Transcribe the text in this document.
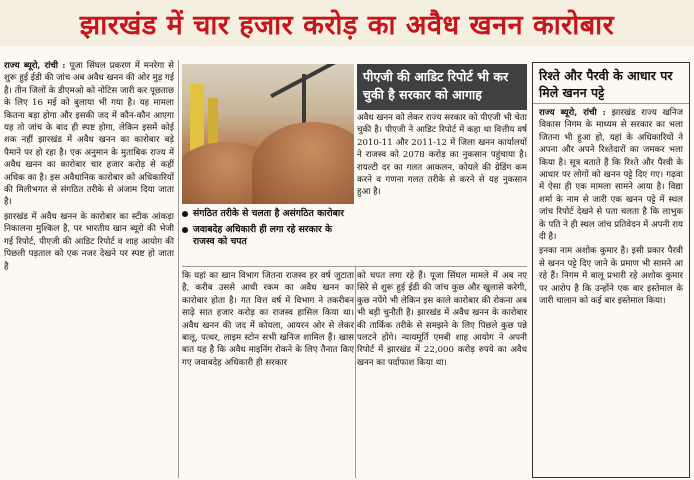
झारखंड में चार हजार करोड़ का अवैध खनन कारोबार

राज्य ब्यूरो, रांची : पूजा सिंघल प्रकरण में मनरेगा से शुरू हुई ईडी की जांच अब अवैध खनन की ओर मुड़ गई है। तीन जिलों के डीएमओ को नोटिस जारी कर पूछताछ के लिए 16 मई को बुलाया भी गया है। यह मामला कितना बड़ा होगा और इसकी जद में कौन-कौन आएगा यह तो जांच के बाद ही स्पष्ट होगा, लेकिन इसमें कोई शक नहीं झारखंड में अवैध खनन का कारोबार बड़े पैमाने पर हो रहा है। एक अनुमान के मुताबिक राज्य में अवैध खनन का कारोबार चार हजार करोड़ से कहीं अधिक का है। इस अवैधानिक कारोबार को अधिकारियों की मिलीभगत से संगठित तरीके से अंजाम दिया जाता है।

झारखंड में अवैध खनन के कारोबार का स्टीक आंकड़ा निकालना मुश्किल है, पर भारतीय खान ब्यूरो की भेजी गई रिपोर्ट, पीएजी की आडिट रिपोर्ट व शाह आयोग की पिछली पड़ताल को एक नजर देखने पर स्पष्ट हो जाता है

संगठित तरीके से चलता है असंगठित कारोबार
जवाबदेह अधिकारी ही लगा रहे सरकार के राजस्व को चपत
पीएजी की आडिट रिपोर्ट भी कर चुकी है सरकार को आगाह

अवैध खनन को लेकर राज्य सरकार को पीएजी भी चेता चुकी है। पीएजी ने आडिट रिपोर्ट में कहा था वित्तीय वर्ष 2010-11 और 2011-12 में जिला खनन कार्यालयों ने राजस्व को 2078 करोड़ का नुकसान पहुंचाया है। रायल्टी दर का गलत आकलन, कोयले की ग्रेडिंग कम करने व गणना गलत तरीके से करने से यह नुकसान हुआ है।

कि यहां का खान विभाग जितना राजस्व हर वर्ष जुटाता है, करीब उससे आधी रकम का अवैध खनन का कारोबार होता है। गत वित्त वर्ष में विभाग ने तकरीबन साढ़े सात हजार करोड़ का राजस्व हासिल किया था। अवैध खनन की जद में कोयला, आयरन ओर से लेकर बालू, पत्थर, लाइम स्टोन सभी खनिज शामिल हैं। खास बात यह है कि अवैध माइनिंग रोकने के लिए तैनात किए गए जवाबदेह अधिकारी ही सरकार

को चपत लगा रहे हैं। पूजा सिंघल मामले में अब नए सिरे से शुरू हुई ईडी की जांच कुछ और खुलासे करेगी, कुछ नपेंगे भी लेकिन इस काले कारोबार की रोकना अब भी बड़ी चुनौती है। झारखंड में अवैध खनन के कारोबार की तार्किक तरीके से समझने के लिए पिछले कुछ पन्ने पलटने होंगे। न्यायमूर्ति एमबी शाह आयोग ने अपनी रिपोर्ट में झारखंड में 22,000 करोड़ रुपये का अवैध खनन का पर्दाफाश किया था।

रिश्ते और पैरवी के आधार पर मिले खनन पट्टे

राज्य ब्यूरो, रांची : झारखंड राज्य खनिज विकास निगम के माध्यम से सरकार का भला जितना भी हुआ हो, यहां के अधिकारियों ने अपना और अपने रिश्तेदारों का जमकर भला किया है। सूत्र बताते हैं कि रिश्ते और पैरवी के आधार पर लोगों को खनन पट्टे दिए गए। गढ़वा में ऐसा ही एक मामला सामने आया है। विद्या शर्मा के नाम से जारी एक खनन पट्टे में स्थल जांच रिपोर्ट देखने से पता चलता है कि लाभुक के पति ने ही स्थल जांच प्रतिवेदन में अपनी राय दी है।

इनका नाम अशोक कुमार है। इसी प्रकार पैरवी से खनन पट्टे दिए जाने के प्रमाण भी सामने आ रहे हैं। निगम में बालू प्रभारी रहे अशोक कुमार पर आरोप है कि उन्होंने एक बार इस्तेमाल के जारी चालान को कई बार इस्तेमाल किया।
